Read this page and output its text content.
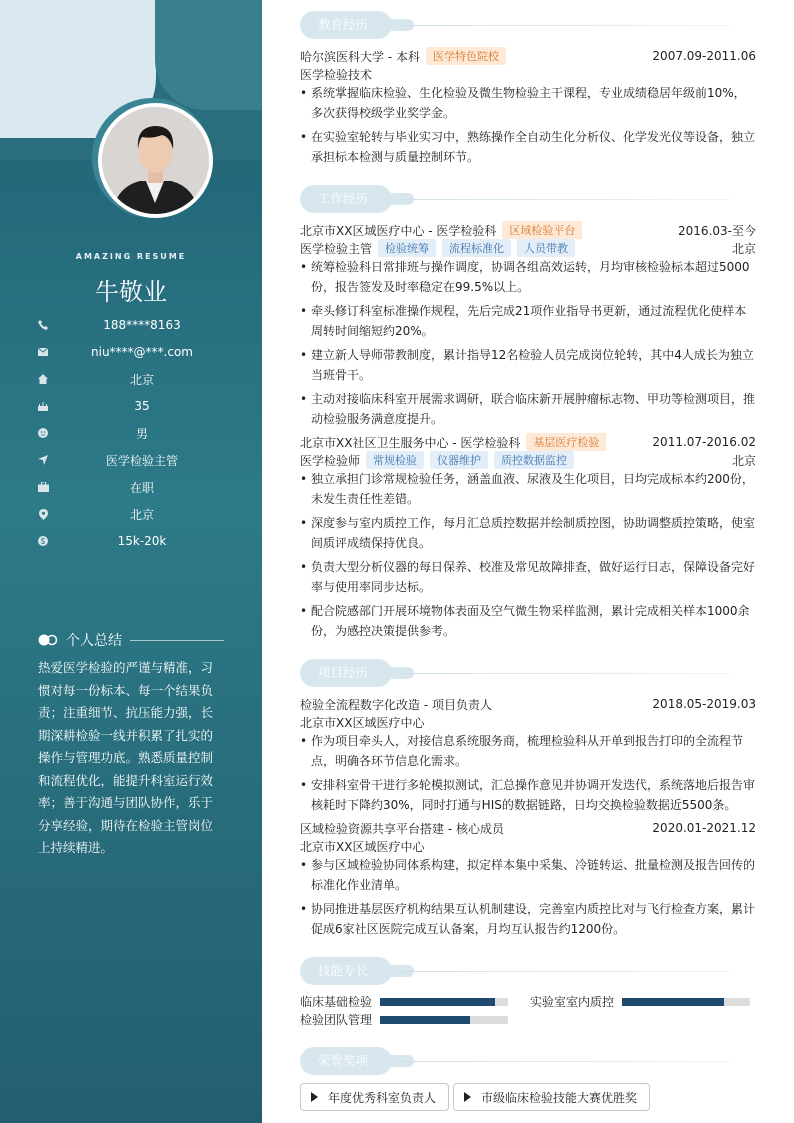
AMAZING RESUME
牛敬业
188****8163
niu****@***.com
北京
35
男
医学检验主管
在职
北京
15k-20k
个人总结
热爱医学检验的严谨与精准，习惯对每一份标本、每一个结果负责；注重细节、抗压能力强，长期深耕检验一线并积累了扎实的操作与管理功底。熟悉质量控制和流程优化，能提升科室运行效率；善于沟通与团队协作，乐于分享经验，期待在检验主管岗位上持续精进。
教育经历
哈尔滨医科大学 - 本科	医学特色院校	2007.09-2011.06
医学检验技术
• 系统掌握临床检验、生化检验及微生物检验主干课程，专业成绩稳居年级前10%，多次获得校级学业奖学金。
• 在实验室轮转与毕业实习中，熟练操作全自动生化分析仪、化学发光仪等设备，独立承担标本检测与质量控制环节。
工作经历
北京市XX区域医疗中心 - 医学检验科	区域检验平台	2016.03-至今
医学检验主管	检验统筹	流程标准化	人员带教	北京
• 统筹检验科日常排班与操作调度，协调各组高效运转，月均审核检验标本超过5000份，报告签发及时率稳定在99.5%以上。
• 牵头修订科室标准操作规程，先后完成21项作业指导书更新，通过流程优化使样本周转时间缩短约20%。
• 建立新人导师带教制度，累计指导12名检验人员完成岗位轮转，其中4人成长为独立当班骨干。
• 主动对接临床科室开展需求调研，联合临床新开展肿瘤标志物、甲功等检测项目，推动检验服务满意度提升。
北京市XX社区卫生服务中心 - 医学检验科	基层医疗检验	2011.07-2016.02
医学检验师	常规检验	仪器维护	质控数据监控	北京
• 独立承担门诊常规检验任务，涵盖血液、尿液及生化项目，日均完成标本约200份，未发生责任性差错。
• 深度参与室内质控工作，每月汇总质控数据并绘制质控图，协助调整质控策略，使室间质评成绩保持优良。
• 负责大型分析仪器的每日保养、校准及常见故障排查，做好运行日志，保障设备完好率与使用率同步达标。
• 配合院感部门开展环境物体表面及空气微生物采样监测，累计完成相关样本1000余份，为感控决策提供参考。
项目经历
检验全流程数字化改造 - 项目负责人	2018.05-2019.03
北京市XX区域医疗中心
• 作为项目牵头人，对接信息系统服务商，梳理检验科从开单到报告打印的全流程节点，明确各环节信息化需求。
• 安排科室骨干进行多轮模拟测试，汇总操作意见并协调开发迭代，系统落地后报告审核耗时下降约30%，同时打通与HIS的数据链路，日均交换检验数据近5500条。
区域检验资源共享平台搭建 - 核心成员	2020.01-2021.12
北京市XX区域医疗中心
• 参与区域检验协同体系构建，拟定样本集中采集、冷链转运、批量检测及报告回传的标准化作业清单。
• 协同推进基层医疗机构结果互认机制建设，完善室内质控比对与飞行检查方案，累计促成6家社区医院完成互认备案，月均互认报告约1200份。
技能专长
临床基础检验	实验室室内质控
检验团队管理
荣誉奖项
年度优秀科室负责人	市级临床检验技能大赛优胜奖
